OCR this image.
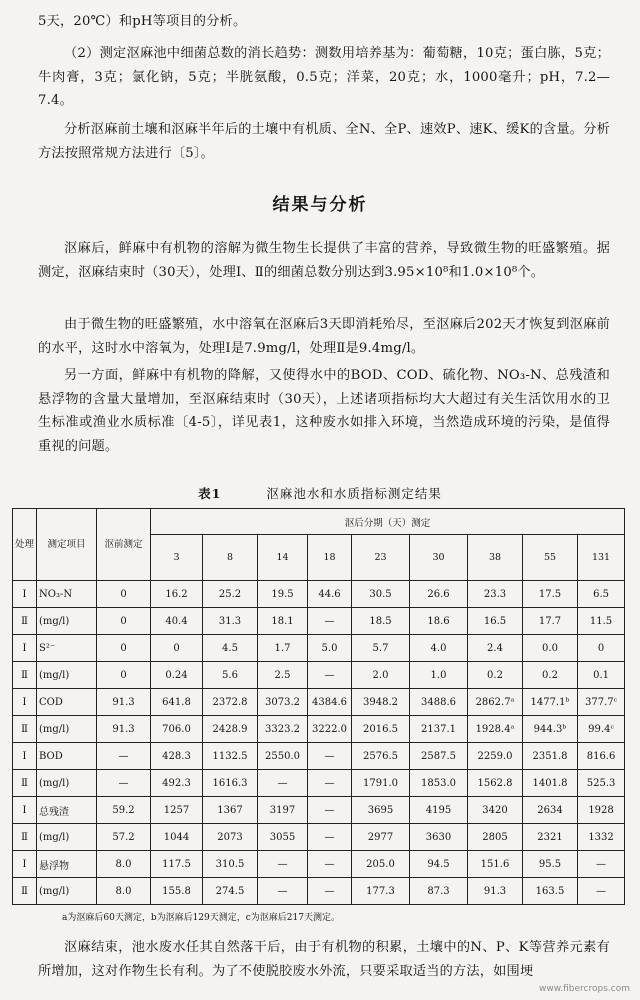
5天，20℃）和pH等项目的分析。

（2）测定沤麻池中细菌总数的消长趋势：测数用培养基为：葡萄糖，10克；蛋白胨，5克；牛肉膏，3克；氯化钠，5克；半胱氨酸，0.5克；洋菜，20克；水，1000毫升；pH，7.2—7.4。

分析沤麻前土壤和沤麻半年后的土壤中有机质、全N、全P、速效P、速K、缓K的含量。分析方法按照常规方法进行〔5〕。

结果与分析

沤麻后，鲜麻中有机物的溶解为微生物生长提供了丰富的营养，导致微生物的旺盛繁殖。据测定，沤麻结束时（30天），处理Ⅰ、Ⅱ的细菌总数分别达到3.95×10⁸和1.0×10⁸个。

由于微生物的旺盛繁殖，水中溶氧在沤麻后3天即消耗殆尽，至沤麻后202天才恢复到沤麻前的水平，这时水中溶氧为，处理Ⅰ是7.9mg/l，处理Ⅱ是9.4mg/l。

另一方面，鲜麻中有机物的降解，又使得水中的BOD、COD、硫化物、NO₃-N、总残渣和悬浮物的含量大量增加，至沤麻结束时（30天），上述诸项指标均大大超过有关生活饮用水的卫生标准或渔业水质标准〔4-5〕，详见表1，这种废水如排入环境，当然造成环境的污染，是值得重视的问题。

表1	沤麻池水和水质指标测定结果
处理	测定项目	沤前测定	沤后分期（天）测定								
			3	8	14	18	23	30	38	55	131
Ⅰ	NO₃-N	0	16.2	25.2	19.5	44.6	30.5	26.6	23.3	17.5	6.5
Ⅱ	(mg/l)	0	40.4	31.3	18.1	—	18.5	18.6	16.5	17.7	11.5
Ⅰ	S²⁻	0	0	4.5	1.7	5.0	5.7	4.0	2.4	0.0	0
Ⅱ	(mg/l)	0	0.24	5.6	2.5	—	2.0	1.0	0.2	0.2	0.1
Ⅰ	COD	91.3	641.8	2372.8	3073.2	4384.6	3948.2	3488.6	2862.7ᵃ	1477.1ᵇ	377.7ᶜ
Ⅱ	(mg/l)	91.3	706.0	2428.9	3323.2	3222.0	2016.5	2137.1	1928.4ᵃ	944.3ᵇ	99.4ᶜ
Ⅰ	BOD	—	428.3	1132.5	2550.0	—	2576.5	2587.5	2259.0	2351.8	816.6
Ⅱ	(mg/l)	—	492.3	1616.3	—	—	1791.0	1853.0	1562.8	1401.8	525.3
Ⅰ	总残渣	59.2	1257	1367	3197	—	3695	4195	3420	2634	1928
Ⅱ	(mg/l)	57.2	1044	2073	3055	—	2977	3630	2805	2321	1332
Ⅰ	悬浮物	8.0	117.5	310.5	—	—	205.0	94.5	151.6	95.5	—
Ⅱ	(mg/l)	8.0	155.8	274.5	—	—	177.3	87.3	91.3	163.5	—
a为沤麻后60天测定，b为沤麻后129天测定，c为沤麻后217天测定。

沤麻结束，池水废水任其自然落干后，由于有机物的积累，土壤中的N、P、K等营养元素有所增加，这对作物生长有利。为了不使脱胶废水外流，只要采取适当的方法，如围埂

www.fibercrops.com
